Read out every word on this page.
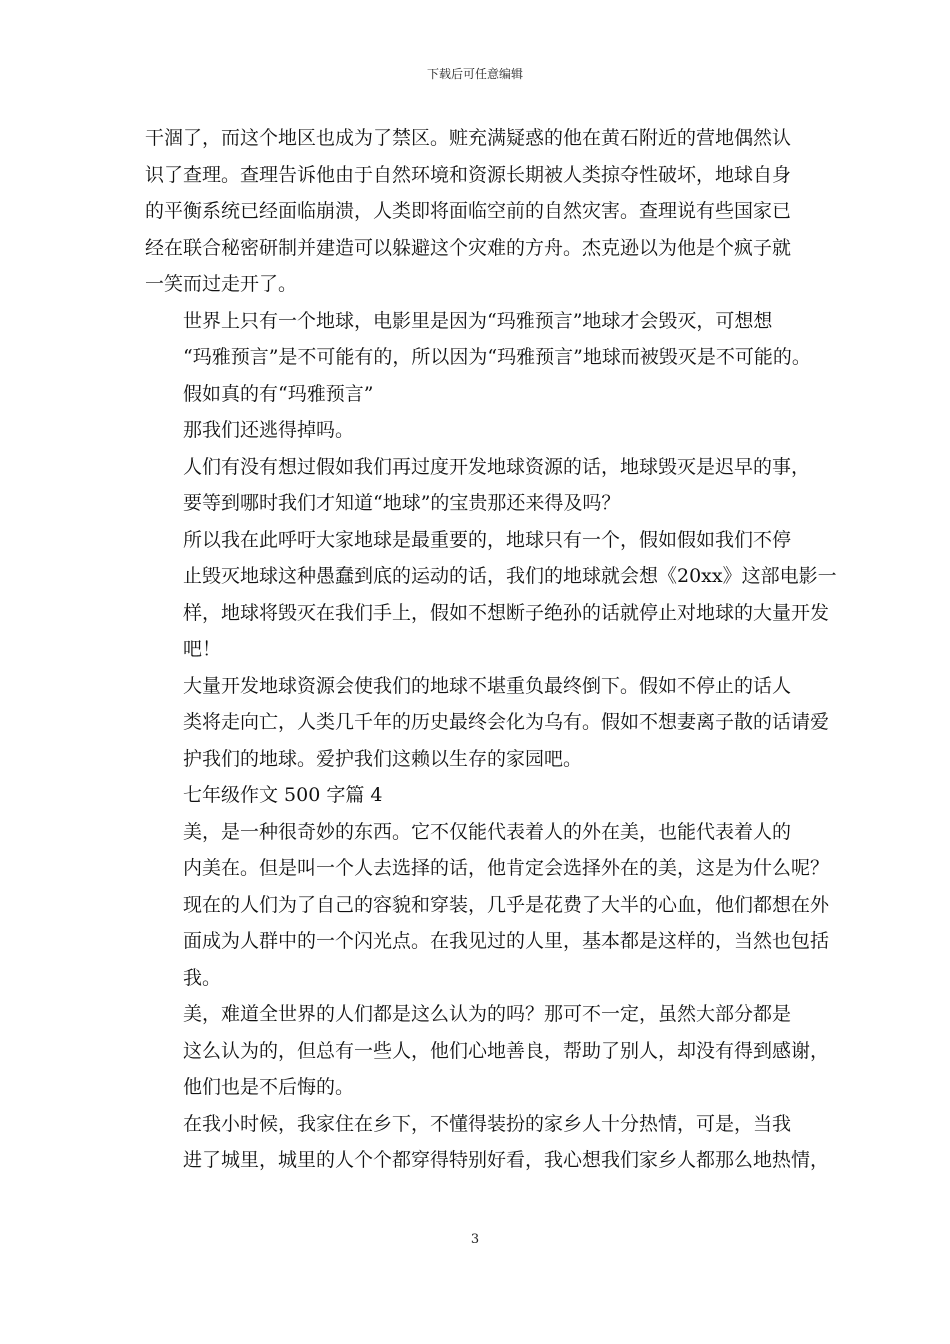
下载后可任意编辑

干涸了，而这个地区也成为了禁区。赃充满疑惑的他在黄石附近的营地偶然认
识了查理。查理告诉他由于自然环境和资源长期被人类掠夺性破坏，地球自身
的平衡系统已经面临崩溃，人类即将面临空前的自然灾害。查理说有些国家已
经在联合秘密研制并建造可以躲避这个灾难的方舟。杰克逊以为他是个疯子就
一笑而过走开了。

世界上只有一个地球，电影里是因为“玛雅预言”地球才会毁灭，可想想
“玛雅预言”是不可能有的，所以因为“玛雅预言”地球而被毁灭是不可能的。
假如真的有“玛雅预言”

那我们还逃得掉吗。

人们有没有想过假如我们再过度开发地球资源的话，地球毁灭是迟早的事，
要等到哪时我们才知道“地球”的宝贵那还来得及吗？

所以我在此呼吁大家地球是最重要的，地球只有一个，假如假如我们不停
止毁灭地球这种愚蠢到底的运动的话，我们的地球就会想《20xx》这部电影一
样，地球将毁灭在我们手上，假如不想断子绝孙的话就停止对地球的大量开发
吧！

大量开发地球资源会使我们的地球不堪重负最终倒下。假如不停止的话人
类将走向亡，人类几千年的历史最终会化为乌有。假如不想妻离子散的话请爱
护我们的地球。爱护我们这赖以生存的家园吧。

七年级作文 500 字篇 4

美，是一种很奇妙的东西。它不仅能代表着人的外在美，也能代表着人的
内美在。但是叫一个人去选择的话，他肯定会选择外在的美，这是为什么呢？
现在的人们为了自己的容貌和穿装，几乎是花费了大半的心血，他们都想在外
面成为人群中的一个闪光点。在我见过的人里，基本都是这样的，当然也包括
我。

美，难道全世界的人们都是这么认为的吗？那可不一定，虽然大部分都是
这么认为的，但总有一些人，他们心地善良，帮助了别人，却没有得到感谢，
他们也是不后悔的。

在我小时候，我家住在乡下，不懂得装扮的家乡人十分热情，可是，当我
进了城里，城里的人个个都穿得特别好看，我心想我们家乡人都那么地热情，

3
